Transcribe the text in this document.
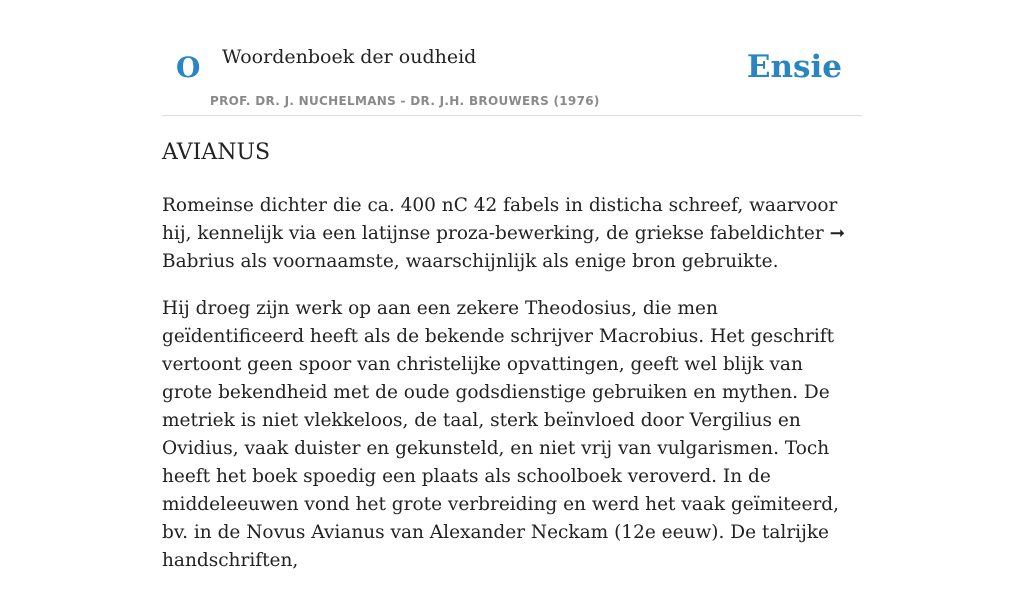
O Woordenboek der oudheid
PROF. DR. J. NUCHELMANS - DR. J.H. BROUWERS (1976)
Ensie
AVIANUS

Romeinse dichter die ca. 400 nC 42 fabels in disticha schreef, waarvoor hij, kennelijk via een latijnse proza-bewerking, de griekse fabeldichter ➞ Babrius als voornaamste, waarschijnlijk als enige bron gebruikte.

Hij droeg zijn werk op aan een zekere Theodosius, die men geïdentificeerd heeft als de bekende schrijver Macrobius. Het geschrift vertoont geen spoor van christelijke opvattingen, geeft wel blijk van grote bekendheid met de oude godsdienstige gebruiken en mythen. De metriek is niet vlekkeloos, de taal, sterk beïnvloed door Vergilius en Ovidius, vaak duister en gekunsteld, en niet vrij van vulgarismen. Toch heeft het boek spoedig een plaats als schoolboek veroverd. In de middeleeuwen vond het grote verbreiding en werd het vaak geïmiteerd, bv. in de Novus Avianus van Alexander Neckam (12e eeuw). De talrijke handschriften,
